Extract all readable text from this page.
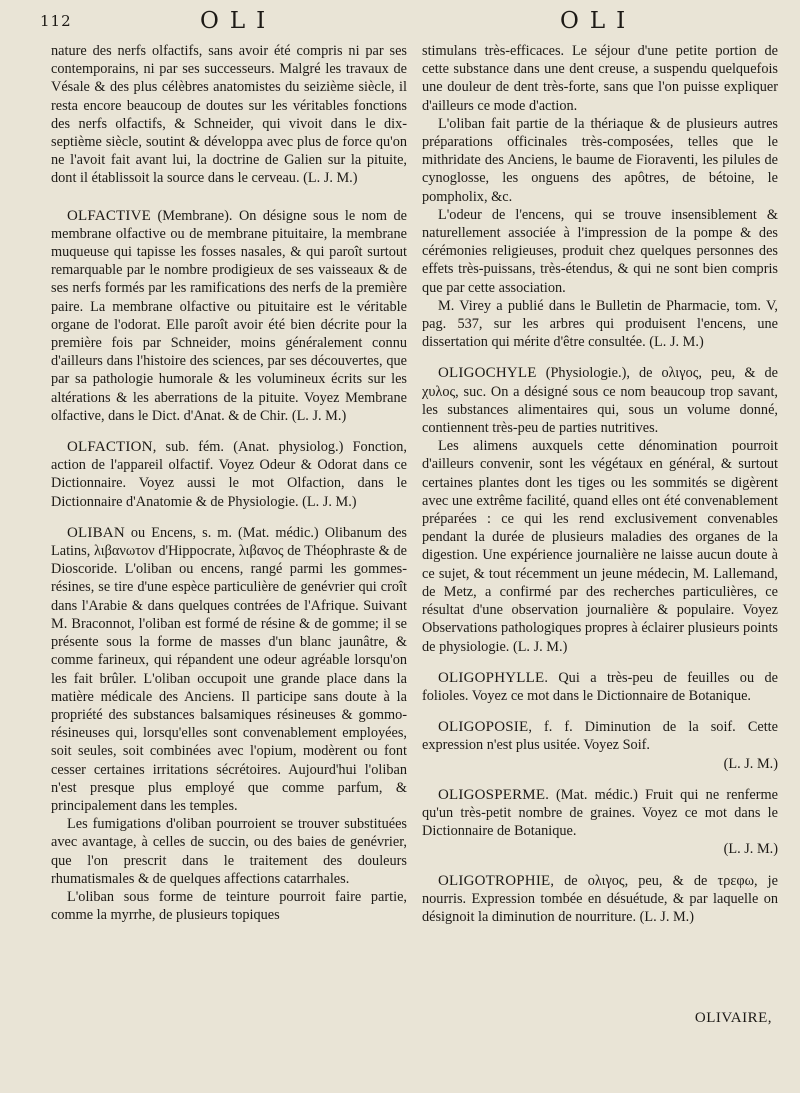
112	OLI	OLI

nature des nerfs olfactifs, sans avoir été compris ni par ses contemporains, ni par ses successeurs. Malgré les travaux de Vésale & des plus célèbres anatomistes du seizième siècle, il resta encore beaucoup de doutes sur les véritables fonctions des nerfs olfactifs, & Schneider, qui vivoit dans le dix-septième siècle, soutint & développa avec plus de force qu'on ne l'avoit fait avant lui, la doctrine de Galien sur la pituite, dont il établissoit la source dans le cerveau. (L. J. M.)

OLFACTIVE (Membrane). On désigne sous le nom de membrane olfactive ou de membrane pituitaire, la membrane muqueuse qui tapisse les fosses nasales, & qui paroît surtout remarquable par le nombre prodigieux de ses vaisseaux & de ses nerfs formés par les ramifications des nerfs de la première paire. La membrane olfactive ou pituitaire est le véritable organe de l'odorat. Elle paroît avoir été bien décrite pour la première fois par Schneider, moins généralement connu d'ailleurs dans l'histoire des sciences, par ses découvertes, que par sa pathologie humorale & les volumineux écrits sur les altérations & les aberrations de la pituite. Voyez Membrane olfactive, dans le Dict. d'Anat. & de Chir. (L. J. M.)

OLFACTION, sub. fém. (Anat. physiolog.) Fonction, action de l'appareil olfactif. Voyez Odeur & Odorat dans ce Dictionnaire. Voyez aussi le mot Olfaction, dans le Dictionnaire d'Anatomie & de Physiologie. (L. J. M.)

OLIBAN ou Encens, s. m. (Mat. médic.) Olibanum des Latins, λιβανωτον d'Hippocrate, λιβανος de Théophraste & de Dioscoride. L'oliban ou encens, rangé parmi les gommes-résines, se tire d'une espèce particulière de genévrier qui croît dans l'Arabie & dans quelques contrées de l'Afrique. Suivant M. Braconnot, l'oliban est formé de résine & de gomme; il se présente sous la forme de masses d'un blanc jaunâtre, & comme farineux, qui répandent une odeur agréable lorsqu'on les fait brûler. L'oliban occupoit une grande place dans la matière médicale des Anciens. Il participe sans doute à la propriété des substances balsamiques résineuses & gommo-résineuses qui, lorsqu'elles sont convenablement employées, soit seules, soit combinées avec l'opium, modèrent ou font cesser certaines irritations sécrétoires. Aujourd'hui l'oliban n'est presque plus employé que comme parfum, & principalement dans les temples.

Les fumigations d'oliban pourroient se trouver substituées avec avantage, à celles de succin, ou des baies de genévrier, que l'on prescrit dans le traitement des douleurs rhumatismales & de quelques affections catarrhales.

L'oliban sous forme de teinture pourroit faire partie, comme la myrrhe, de plusieurs topiques

stimulans très-efficaces. Le séjour d'une petite portion de cette substance dans une dent creuse, a suspendu quelquefois une douleur de dent très-forte, sans que l'on puisse expliquer d'ailleurs ce mode d'action.

L'oliban fait partie de la thériaque & de plusieurs autres préparations officinales très-composées, telles que le mithridate des Anciens, le baume de Fioraventi, les pilules de cynoglosse, les onguens des apôtres, de bétoine, le pompholix, &c.

L'odeur de l'encens, qui se trouve insensiblement & naturellement associée à l'impression de la pompe & des cérémonies religieuses, produit chez quelques personnes des effets très-puissans, très-étendus, & qui ne sont bien compris que par cette association.

M. Virey a publié dans le Bulletin de Pharmacie, tom. V, pag. 537, sur les arbres qui produisent l'encens, une dissertation qui mérite d'être consultée. (L. J. M.)

OLIGOCHYLE (Physiologie.), de ολιγος, peu, & de χυλος, suc. On a désigné sous ce nom beaucoup trop savant, les substances alimentaires qui, sous un volume donné, contiennent très-peu de parties nutritives.

Les alimens auxquels cette dénomination pourroit d'ailleurs convenir, sont les végétaux en général, & surtout certaines plantes dont les tiges ou les sommités se digèrent avec une extrême facilité, quand elles ont été convenablement préparées : ce qui les rend exclusivement convenables pendant la durée de plusieurs maladies des organes de la digestion. Une expérience journalière ne laisse aucun doute à ce sujet, & tout récemment un jeune médecin, M. Lallemand, de Metz, a confirmé par des recherches particulières, ce résultat d'une observation journalière & populaire. Voyez Observations pathologiques propres à éclairer plusieurs points de physiologie. (L. J. M.)

OLIGOPHYLLE. Qui a très-peu de feuilles ou de folioles. Voyez ce mot dans le Dictionnaire de Botanique.

OLIGOPOSIE, f. f. Diminution de la soif. Cette expression n'est plus usitée. Voyez Soif.

(L. J. M.)

OLIGOSPERME. (Mat. médic.) Fruit qui ne renferme qu'un très-petit nombre de graines. Voyez ce mot dans le Dictionnaire de Botanique.

(L. J. M.)

OLIGOTROPHIE, de ολιγος, peu, & de τρεφω, je nourris. Expression tombée en désuétude, & par laquelle on désignoit la diminution de nourriture. (L. J. M.)

OLIVAIRE,
